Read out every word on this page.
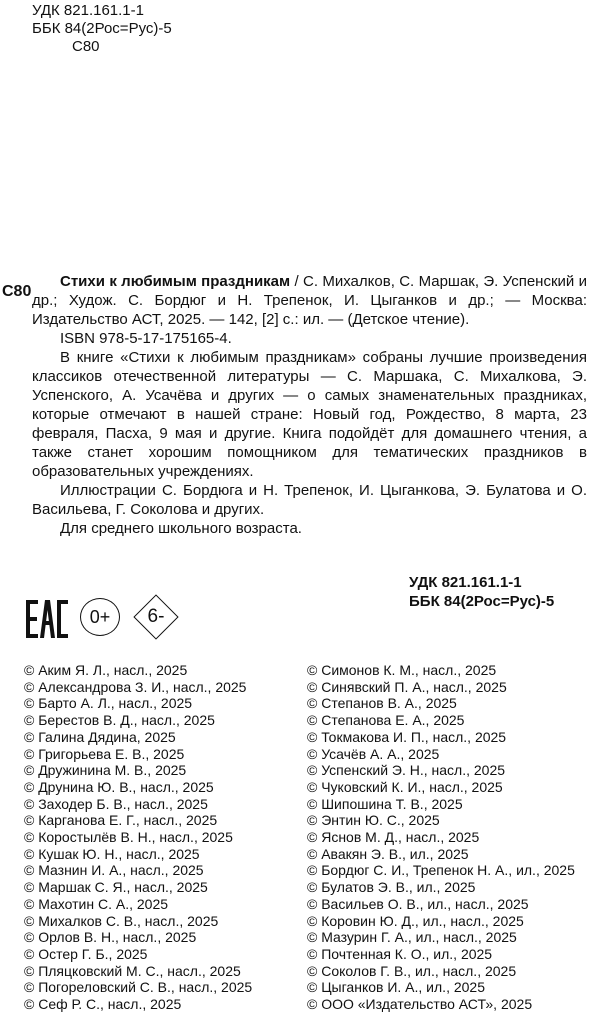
УДК 821.161.1-1
ББК 84(2Рос=Рус)-5
С80
С80

Стихи к любимым праздникам / С. Михалков, С. Маршак, Э. Успенский и др.; Худож. С. Бордюг и Н. Трепенок, И. Цыганков и др.; — Москва: Издательство АСТ, 2025. — 142, [2] с.: ил. — (Детское чтение).

ISBN 978-5-17-175165-4.

В книге «Стихи к любимым праздникам» собраны лучшие произведения классиков отечественной литературы — С. Маршака, С. Михалкова, Э. Успенского, А. Усачёва и других — о самых знаменательных праздниках, которые отмечают в нашей стране: Новый год, Рождество, 8 марта, 23 февраля, Пасха, 9 мая и другие. Книга подойдёт для домашнего чтения, а также станет хорошим помощником для тематических праздников в образовательных учреждениях.

Иллюстрации С. Бордюга и Н. Трепенок, И. Цыганкова, Э. Булатова и О. Васильева, Г. Соколова и других.

Для среднего школьного возраста.

УДК 821.161.1-1
ББК 84(2Рос=Рус)-5
0+	6-
© Аким Я. Л., насл., 2025
© Александрова З. И., насл., 2025
© Барто А. Л., насл., 2025
© Берестов В. Д., насл., 2025
© Галина Дядина, 2025
© Григорьева Е. В., 2025
© Дружинина М. В., 2025
© Друнина Ю. В., насл., 2025
© Заходер Б. В., насл., 2025
© Карганова Е. Г., насл., 2025
© Коростылёв В. Н., насл., 2025
© Кушак Ю. Н., насл., 2025
© Мазнин И. А., насл., 2025
© Маршак С. Я., насл., 2025
© Махотин С. А., 2025
© Михалков С. В., насл., 2025
© Орлов В. Н., насл., 2025
© Остер Г. Б., 2025
© Пляцковский М. С., насл., 2025
© Погореловский С. В., насл., 2025
© Сеф Р. С., насл., 2025
© Симонов К. М., насл., 2025
© Синявский П. А., насл., 2025
© Степанов В. А., 2025
© Степанова Е. А., 2025
© Токмакова И. П., насл., 2025
© Усачёв А. А., 2025
© Успенский Э. Н., насл., 2025
© Чуковский К. И., насл., 2025
© Шипошина Т. В., 2025
© Энтин Ю. С., 2025
© Яснов М. Д., насл., 2025
© Авакян Э. В., ил., 2025
© Бордюг С. И., Трепенок Н. А., ил., 2025
© Булатов Э. В., ил., 2025
© Васильев О. В., ил., насл., 2025
© Коровин Ю. Д., ил., насл., 2025
© Мазурин Г. А., ил., насл., 2025
© Почтенная К. О., ил., 2025
© Соколов Г. В., ил., насл., 2025
© Цыганков И. А., ил., 2025
© ООО «Издательство АСТ», 2025
